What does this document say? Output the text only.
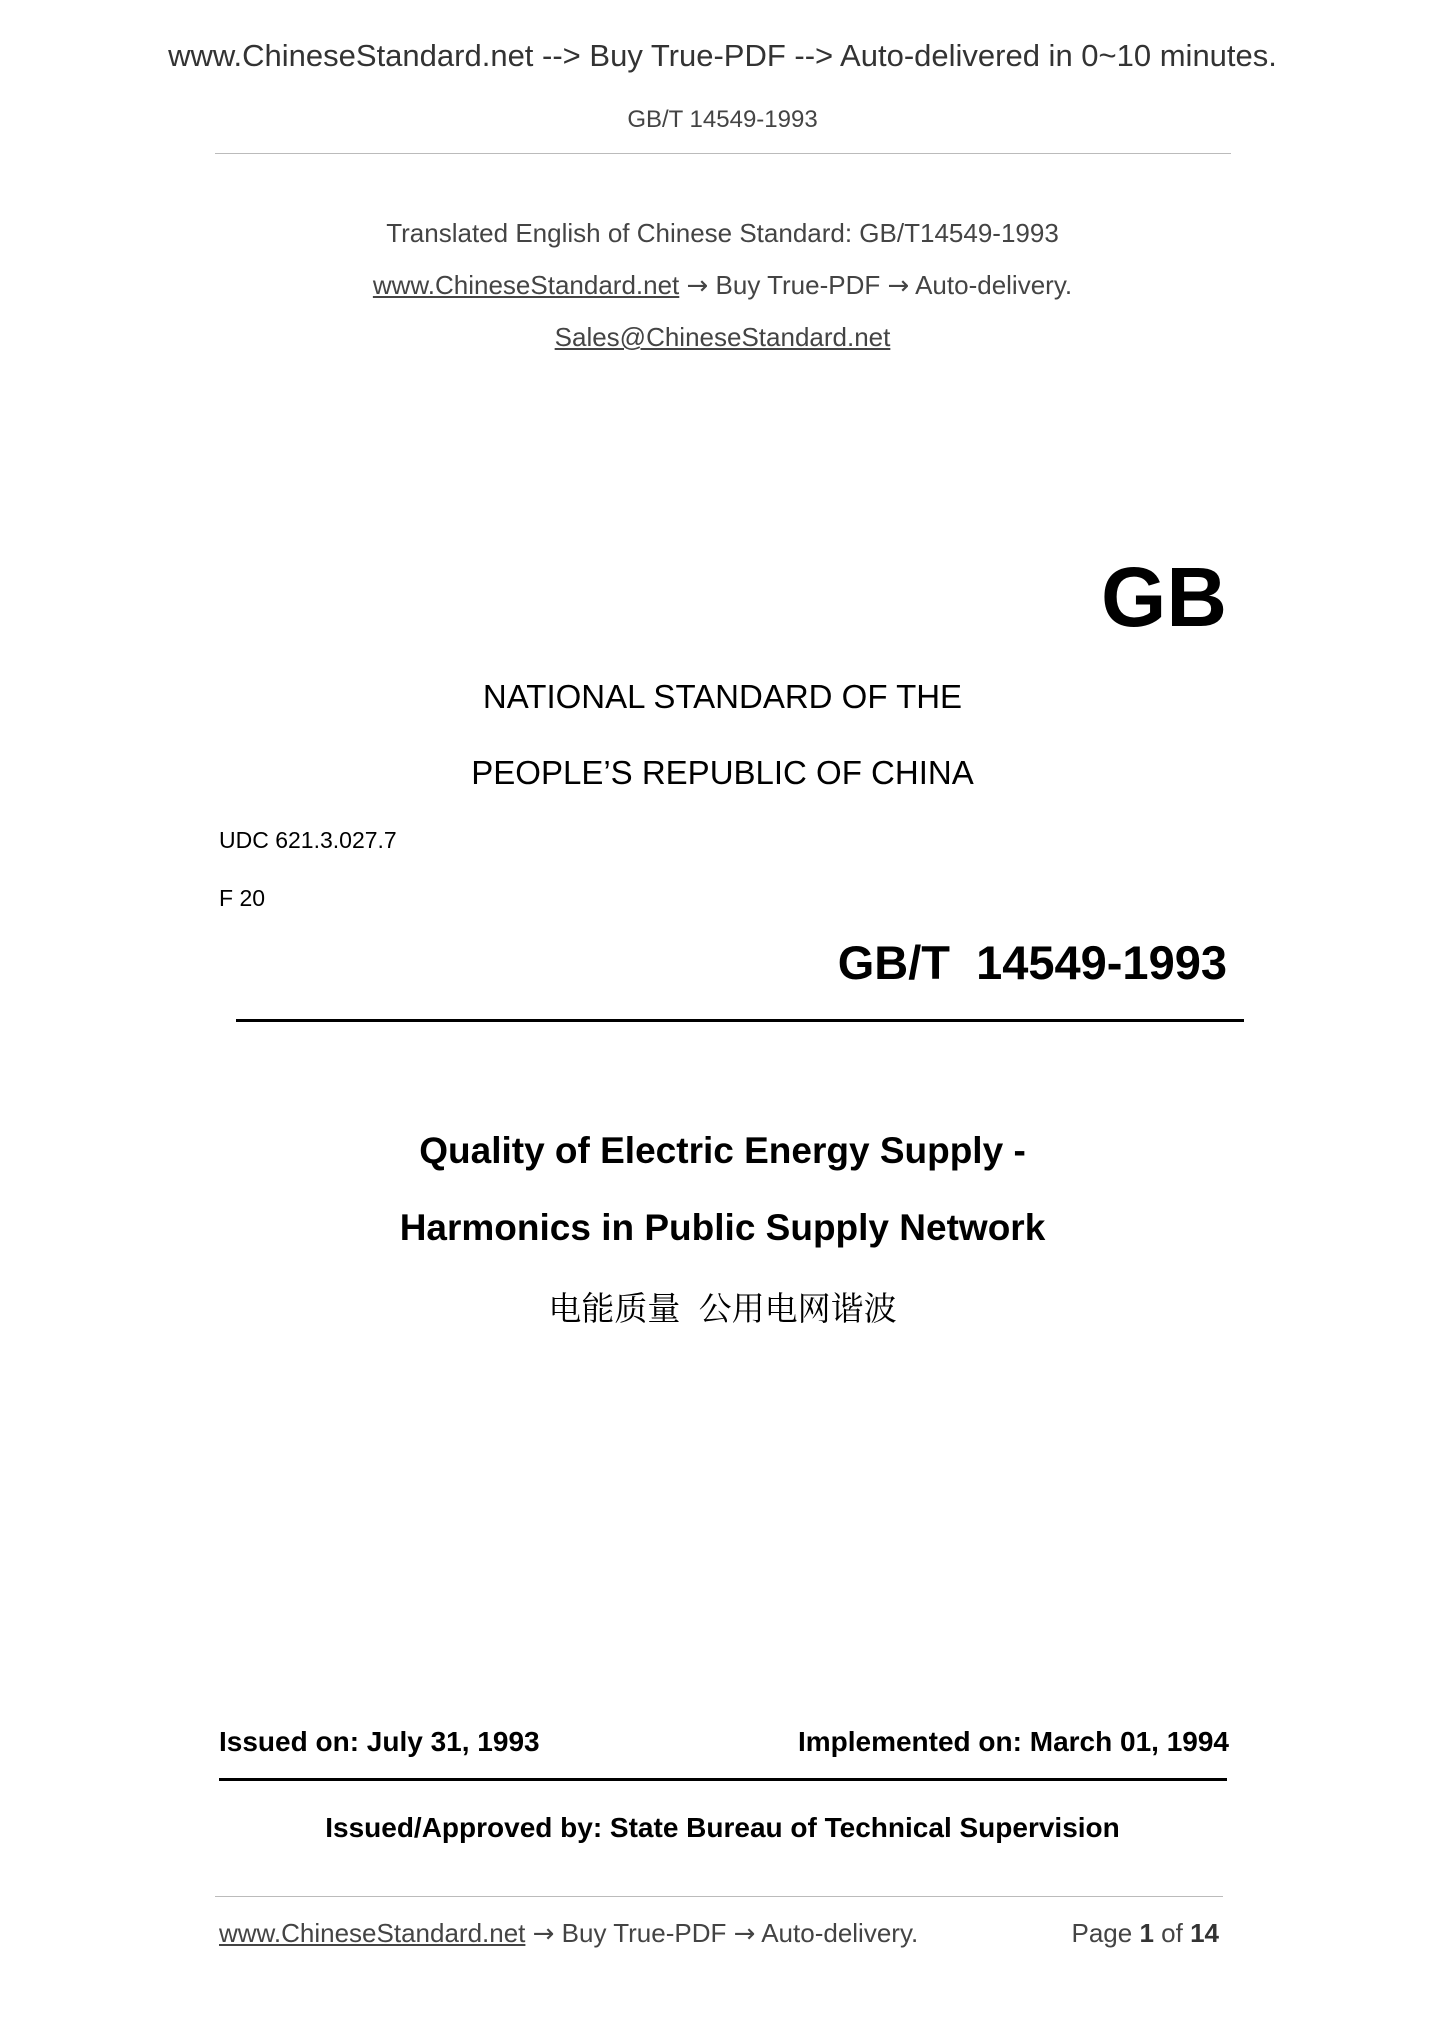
www.ChineseStandard.net --> Buy True-PDF --> Auto-delivered in 0~10 minutes.
GB/T 14549-1993
Translated English of Chinese Standard: GB/T14549-1993
www.ChineseStandard.net → Buy True-PDF → Auto-delivery.
Sales@ChineseStandard.net
GB
NATIONAL STANDARD OF THE
PEOPLE’S REPUBLIC OF CHINA
UDC 621.3.027.7
F 20
GB/T  14549-1993
Quality of Electric Energy Supply -
Harmonics in Public Supply Network
电能质量  公用电网谐波
Issued on: July 31, 1993	Implemented on: March 01, 1994
Issued/Approved by: State Bureau of Technical Supervision
www.ChineseStandard.net → Buy True-PDF → Auto-delivery.	Page 1 of 14
